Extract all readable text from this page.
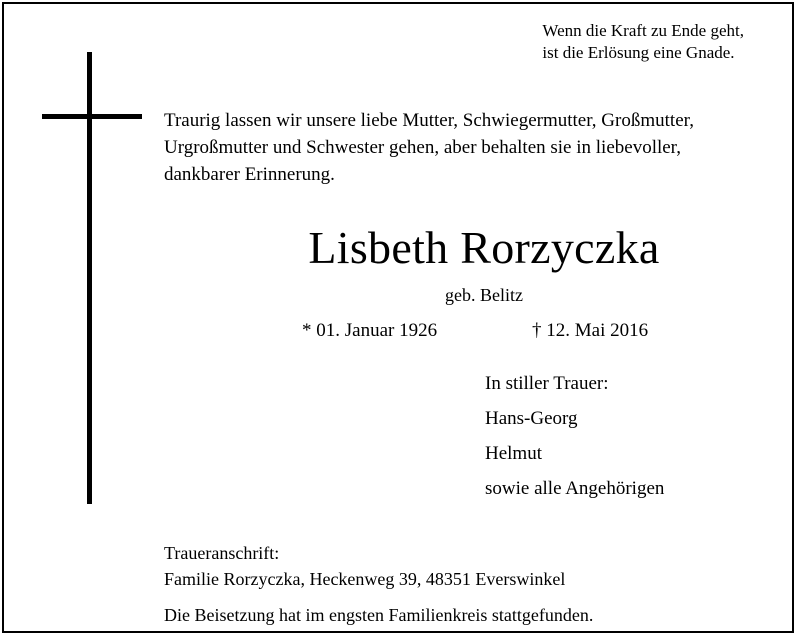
Wenn die Kraft zu Ende geht,
ist die Erlösung eine Gnade.
Traurig lassen wir unsere liebe Mutter, Schwiegermutter, Großmutter,
Urgroßmutter und Schwester gehen, aber behalten sie in liebevoller,
dankbarer Erinnerung.
Lisbeth Rorzyczka
geb. Belitz
* 01. Januar 1926	† 12. Mai 2016
In stiller Trauer:
Hans-Georg
Helmut
sowie alle Angehörigen
Traueranschrift:
Familie Rorzyczka, Heckenweg 39, 48351 Everswinkel
Die Beisetzung hat im engsten Familienkreis stattgefunden.
